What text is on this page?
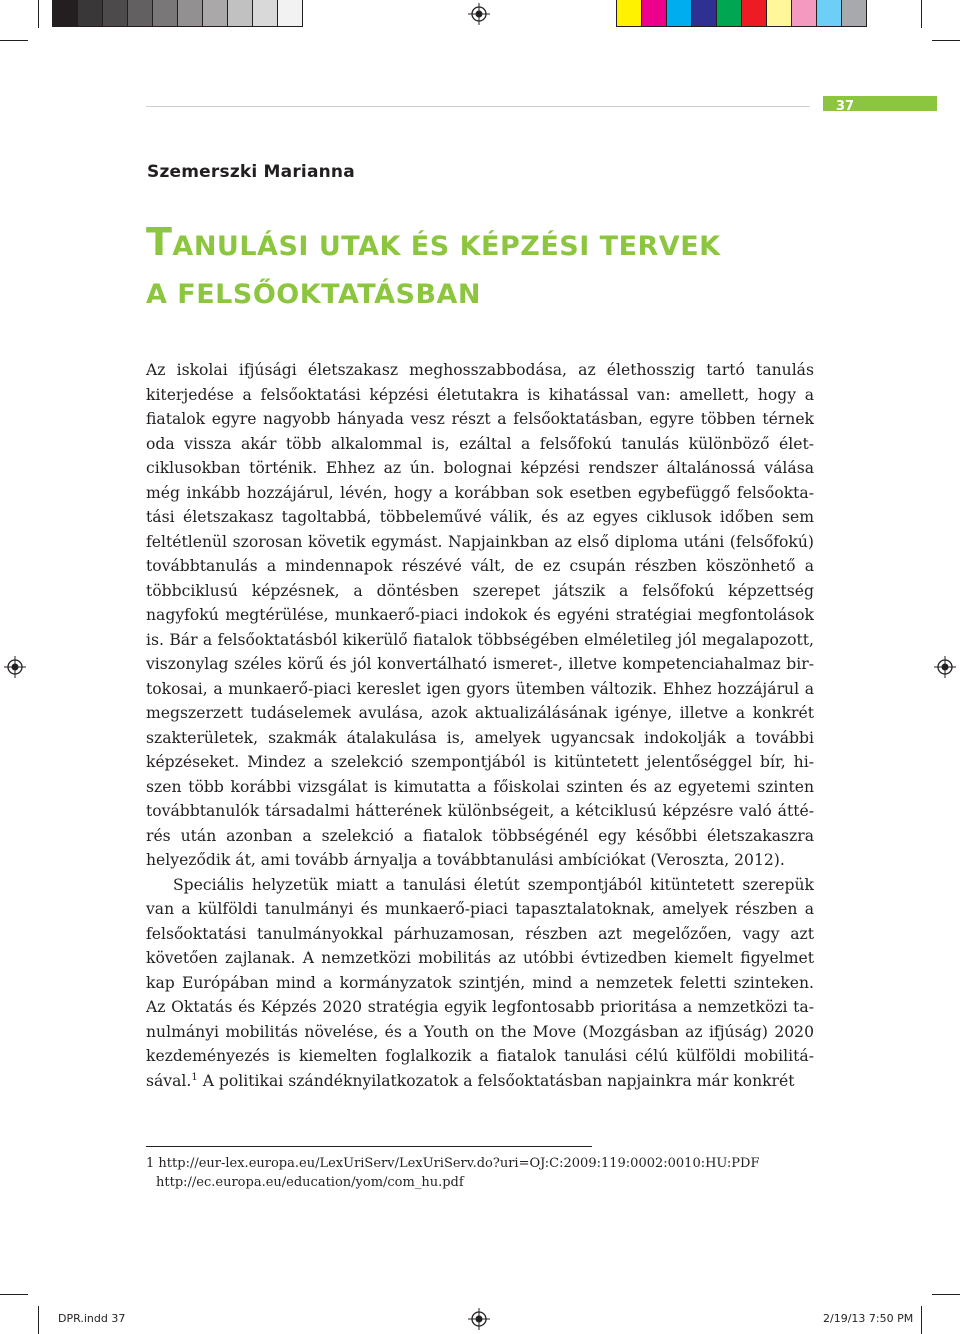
37
Szemerszki Marianna
TANULÁSI UTAK ÉS KÉPZÉSI TERVEK
A FELSŐOKTATÁSBAN

Az iskolai ifjúsági életszakasz meghosszabbodása, az élethosszig tartó tanulás kiterjedése a felsőoktatási képzési életutakra is kihatással van: amellett, hogy a fiatalok egyre nagyobb hányada vesz részt a felsőoktatásban, egyre többen térnek oda vissza akár több alkalommal is, ezáltal a felsőfokú tanulás különböző életciklusokban történik. Ehhez az ún. bolognai képzési rendszer általánossá válása még inkább hozzájárul, lévén, hogy a korábban sok esetben egybefüggő felsőoktatási életszakasz tagoltabbá, többeleművé válik, és az egyes ciklusok időben sem feltétlenül szorosan követik egymást. Napjainkban az első diploma utáni (felsőfokú) továbbtanulás a mindennapok részévé vált, de ez csupán részben köszönhető a többciklusú képzésnek, a döntésben szerepet játszik a felsőfokú képzettség nagyfokú megtérülése, munkaerő-piaci indokok és egyéni stratégiai megfontolások is. Bár a felsőoktatásból kikerülő fiatalok többségében elméletileg jól megalapozott, viszonylag széles körű és jól konvertálható ismeret-, illetve kompetenciahalmaz birtokosai, a munkaerő-piaci kereslet igen gyors ütemben változik. Ehhez hozzájárul a megszerzett tudáselemek avulása, azok aktualizálásának igénye, illetve a konkrét szakterületek, szakmák átalakulása is, amelyek ugyancsak indokolják a további képzéseket. Mindez a szelekció szempontjából is kitüntetett jelentőséggel bír, hiszen több korábbi vizsgálat is kimutatta a főiskolai szinten és az egyetemi szinten továbbtanulók társadalmi hátterének különbségeit, a kétciklusú képzésre való áttérés után azonban a szelekció a fiatalok többségénél egy későbbi életszakaszra helyeződik át, ami tovább árnyalja a továbbtanulási ambíciókat (Veroszta, 2012).

Speciális helyzetük miatt a tanulási életút szempontjából kitüntetett szerepük van a külföldi tanulmányi és munkaerő-piaci tapasztalatoknak, amelyek részben a felsőoktatási tanulmányokkal párhuzamosan, részben azt megelőzően, vagy azt követően zajlanak. A nemzetközi mobilitás az utóbbi évtizedben kiemelt figyelmet kap Európában mind a kormányzatok szintjén, mind a nemzetek feletti szinteken. Az Oktatás és Képzés 2020 stratégia egyik legfontosabb prioritása a nemzetközi tanulmányi mobilitás növelése, és a Youth on the Move (Mozgásban az ifjúság) 2020 kezdeményezés is kiemelten foglalkozik a fiatalok tanulási célú külföldi mobilitásával.$^1$ A politikai szándéknyilatkozatok a felsőoktatásban napjainkra már konkrét

1 http://eur-lex.europa.eu/LexUriServ/LexUriServ.do?uri=OJ:C:2009:119:0002:0010:HU:PDF
http://ec.europa.eu/education/yom/com_hu.pdf
DPR.indd 37	2/19/13 7:50 PM
